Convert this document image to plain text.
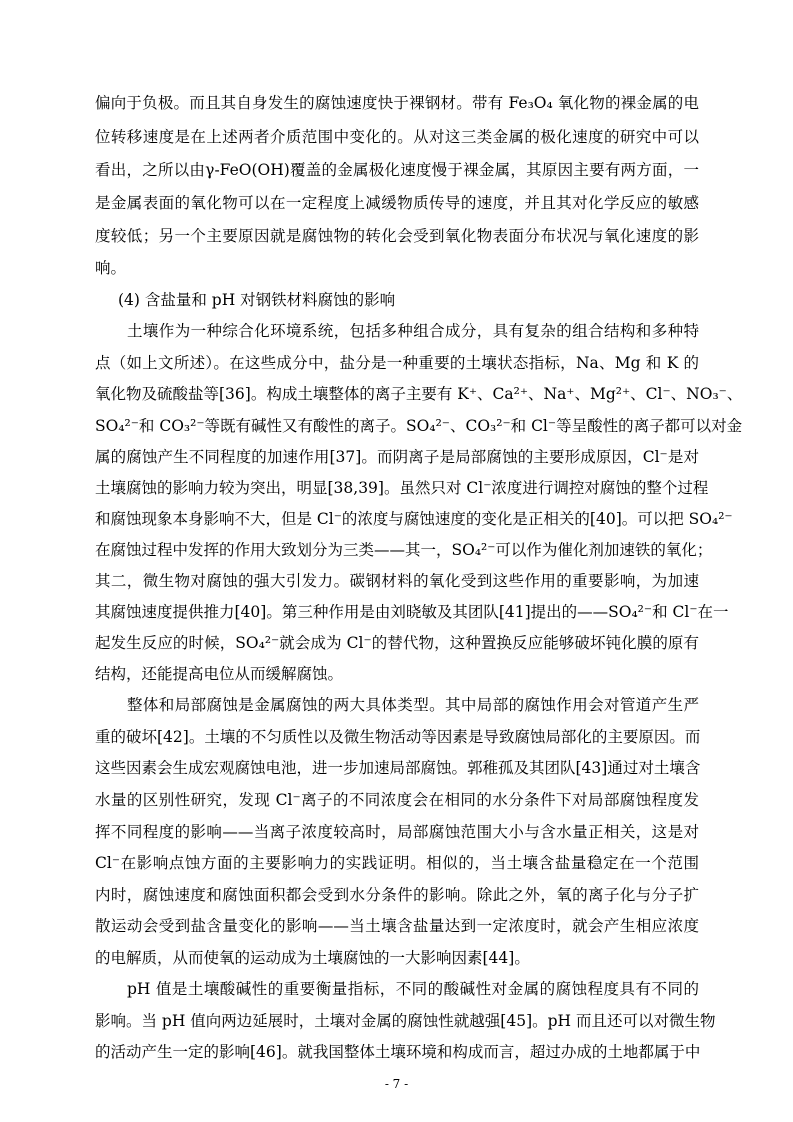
偏向于负极。而且其自身发生的腐蚀速度快于裸钢材。带有 Fe₃O₄ 氧化物的裸金属的电

位转移速度是在上述两者介质范围中变化的。从对这三类金属的极化速度的研究中可以

看出，之所以由γ-FeO(OH)覆盖的金属极化速度慢于裸金属，其原因主要有两方面，一

是金属表面的氧化物可以在一定程度上减缓物质传导的速度，并且其对化学反应的敏感

度较低；另一个主要原因就是腐蚀物的转化会受到氧化物表面分布状况与氧化速度的影

响。

(4) 含盐量和 pH 对钢铁材料腐蚀的影响

土壤作为一种综合化环境系统，包括多种组合成分，具有复杂的组合结构和多种特

点（如上文所述）。在这些成分中，盐分是一种重要的土壤状态指标，Na、Mg 和 K 的

氧化物及硫酸盐等[36]。构成土壤整体的离子主要有 K⁺、Ca²⁺、Na⁺、Mg²⁺、Cl⁻、NO₃⁻、

SO₄²⁻和 CO₃²⁻等既有碱性又有酸性的离子。SO₄²⁻、CO₃²⁻和 Cl⁻等呈酸性的离子都可以对金

属的腐蚀产生不同程度的加速作用[37]。而阴离子是局部腐蚀的主要形成原因，Cl⁻是对

土壤腐蚀的影响力较为突出，明显[38,39]。虽然只对 Cl⁻浓度进行调控对腐蚀的整个过程

和腐蚀现象本身影响不大，但是 Cl⁻的浓度与腐蚀速度的变化是正相关的[40]。可以把 SO₄²⁻

在腐蚀过程中发挥的作用大致划分为三类——其一，SO₄²⁻可以作为催化剂加速铁的氧化；

其二，微生物对腐蚀的强大引发力。碳钢材料的氧化受到这些作用的重要影响，为加速

其腐蚀速度提供推力[40]。第三种作用是由刘晓敏及其团队[41]提出的——SO₄²⁻和 Cl⁻在一

起发生反应的时候，SO₄²⁻就会成为 Cl⁻的替代物，这种置换反应能够破坏钝化膜的原有

结构，还能提高电位从而缓解腐蚀。

整体和局部腐蚀是金属腐蚀的两大具体类型。其中局部的腐蚀作用会对管道产生严

重的破坏[42]。土壤的不匀质性以及微生物活动等因素是导致腐蚀局部化的主要原因。而

这些因素会生成宏观腐蚀电池，进一步加速局部腐蚀。郭稚孤及其团队[43]通过对土壤含

水量的区别性研究，发现 Cl⁻离子的不同浓度会在相同的水分条件下对局部腐蚀程度发

挥不同程度的影响——当离子浓度较高时，局部腐蚀范围大小与含水量正相关，这是对

Cl⁻在影响点蚀方面的主要影响力的实践证明。相似的，当土壤含盐量稳定在一个范围

内时，腐蚀速度和腐蚀面积都会受到水分条件的影响。除此之外，氧的离子化与分子扩

散运动会受到盐含量变化的影响——当土壤含盐量达到一定浓度时，就会产生相应浓度

的电解质，从而使氧的运动成为土壤腐蚀的一大影响因素[44]。

pH 值是土壤酸碱性的重要衡量指标，不同的酸碱性对金属的腐蚀程度具有不同的

影响。当 pH 值向两边延展时，土壤对金属的腐蚀性就越强[45]。pH 而且还可以对微生物

的活动产生一定的影响[46]。就我国整体土壤环境和构成而言，超过办成的土地都属于中

- 7 -
